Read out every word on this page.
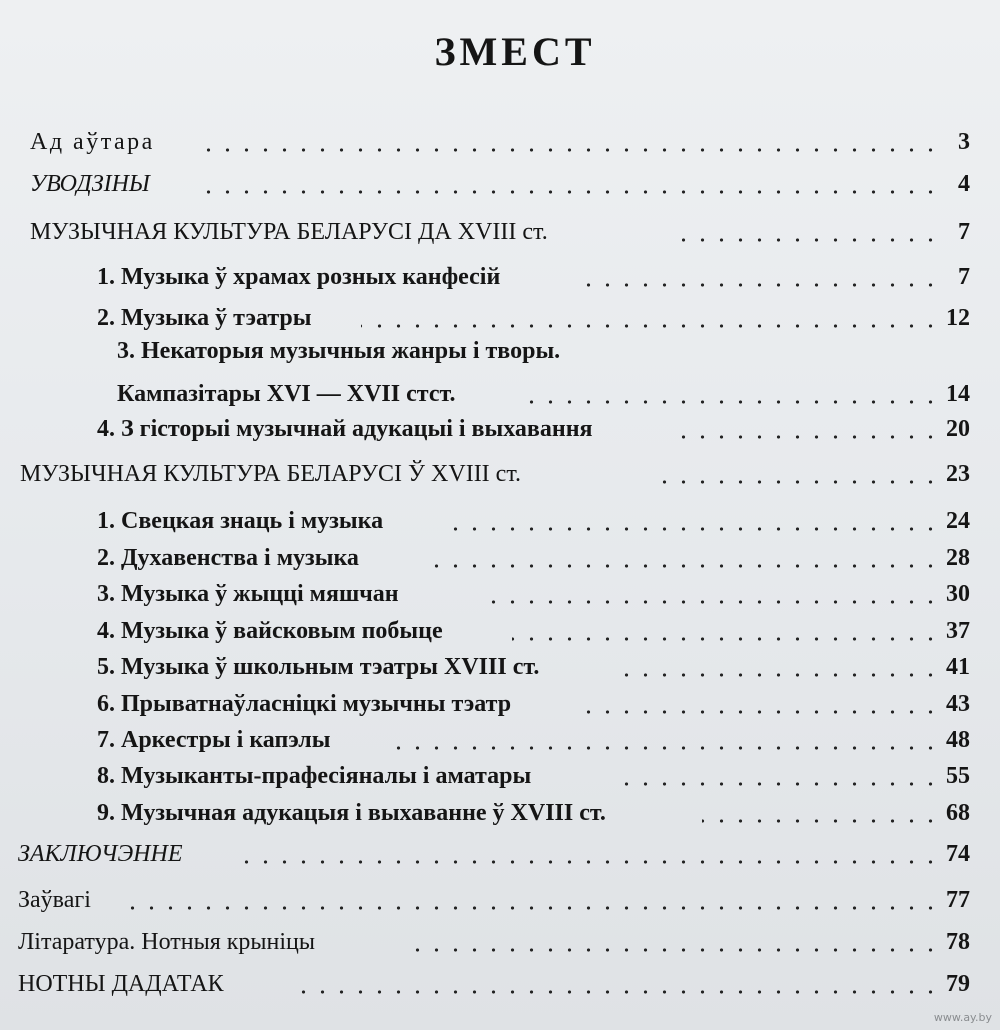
ЗМЕСТ
Ад аўтара	3
УВОДЗІНЫ	4
МУЗЫЧНАЯ КУЛЬТУРА БЕЛАРУСІ ДА XVIII ст.	7
1. Музыка ў храмах розных канфесій	7
2. Музыка ў тэатры	12
3. Некаторыя музычныя жанры і творы.
Кампазітары XVI — XVII стст.	14
4. З гісторыі музычнай адукацыі і выхавання	20
МУЗЫЧНАЯ КУЛЬТУРА БЕЛАРУСІ Ў XVIII ст.	23
1. Свецкая знаць і музыка	24
2. Духавенства і музыка	28
3. Музыка ў жыцці мяшчан	30
4. Музыка ў вайсковым побыце	37
5. Музыка ў школьным тэатры XVIII ст.	41
6. Прыватнаўласніцкі музычны тэатр	43
7. Аркестры і капэлы	48
8. Музыканты-прафесіяналы і аматары	55
9. Музычная адукацыя і выхаванне ў XVIII ст.	68
ЗАКЛЮЧЭННЕ	74
Заўвагі	77
Літаратура. Нотныя крыніцы	78
НОТНЫ ДАДАТАК	79
www.ay.by
